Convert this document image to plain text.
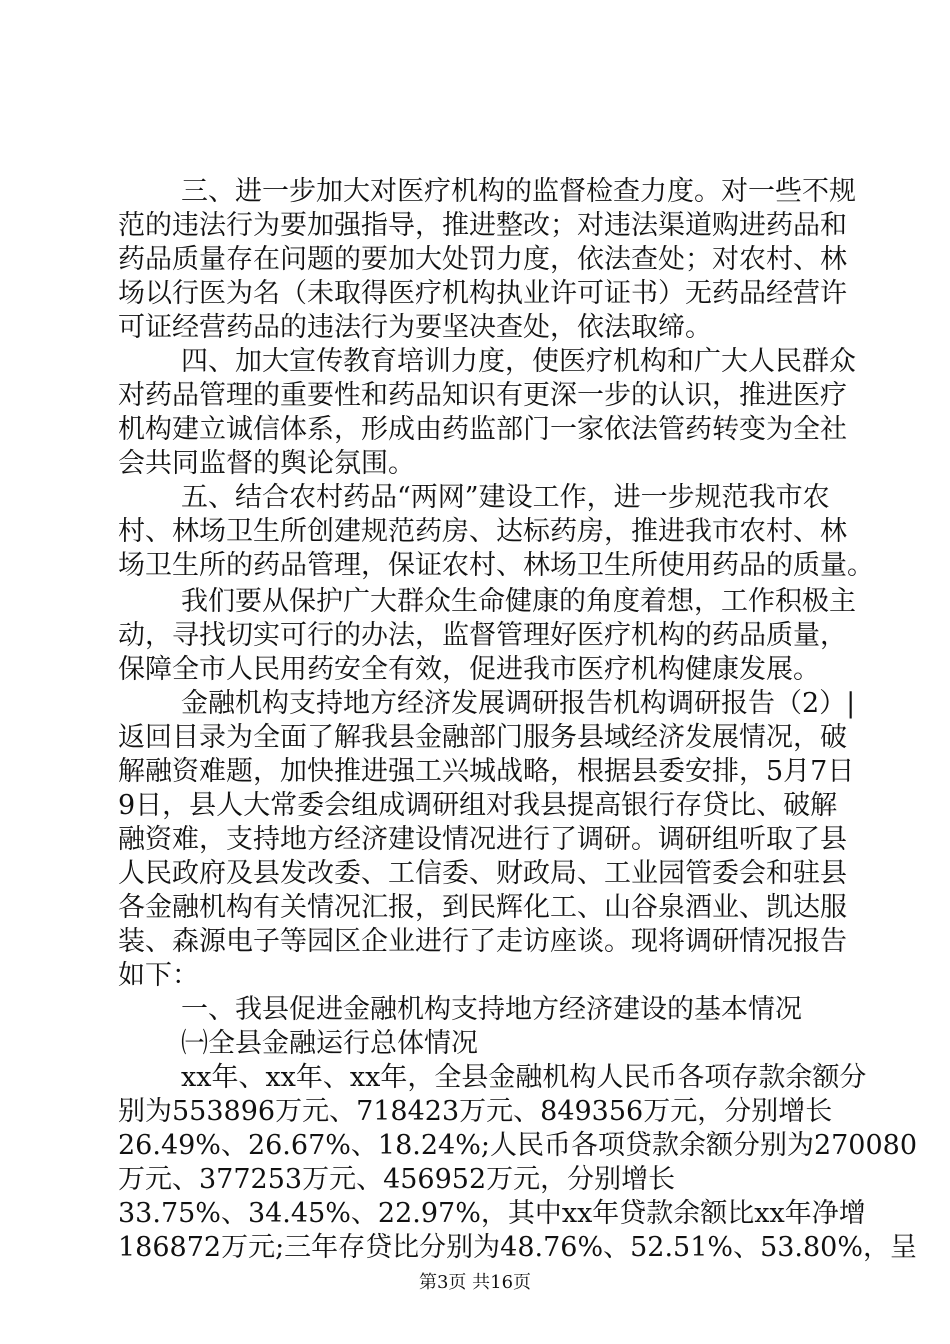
三、进一步加大对医疗机构的监督检查力度。对一些不规
范的违法行为要加强指导，推进整改；对违法渠道购进药品和
药品质量存在问题的要加大处罚力度，依法查处；对农村、林
场以行医为名（未取得医疗机构执业许可证书）无药品经营许
可证经营药品的违法行为要坚决查处，依法取缔。
四、加大宣传教育培训力度，使医疗机构和广大人民群众
对药品管理的重要性和药品知识有更深一步的认识，推进医疗
机构建立诚信体系，形成由药监部门一家依法管药转变为全社
会共同监督的舆论氛围。
五、结合农村药品“两网”建设工作，进一步规范我市农
村、林场卫生所创建规范药房、达标药房，推进我市农村、林
场卫生所的药品管理，保证农村、林场卫生所使用药品的质量。
我们要从保护广大群众生命健康的角度着想，工作积极主
动，寻找切实可行的办法，监督管理好医疗机构的药品质量，
保障全市人民用药安全有效，促进我市医疗机构健康发展。
金融机构支持地方经济发展调研报告机构调研报告（2）|
返回目录为全面了解我县金融部门服务县域经济发展情况，破
解融资难题，加快推进强工兴城战略，根据县委安排，5月7日
9日，县人大常委会组成调研组对我县提高银行存贷比、破解
融资难，支持地方经济建设情况进行了调研。调研组听取了县
人民政府及县发改委、工信委、财政局、工业园管委会和驻县
各金融机构有关情况汇报，到民辉化工、山谷泉酒业、凯达服
装、森源电子等园区企业进行了走访座谈。现将调研情况报告
如下：
一、我县促进金融机构支持地方经济建设的基本情况
㈠全县金融运行总体情况
xx年、xx年、xx年，全县金融机构人民币各项存款余额分
别为553896万元、718423万元、849356万元，分别增长
26.49%、26.67%、18.24%;人民币各项贷款余额分别为270080
万元、377253万元、456952万元，分别增长
33.75%、34.45%、22.97%，其中xx年贷款余额比xx年净增
186872万元;三年存贷比分别为48.76%、52.51%、53.80%，呈
第3页 共16页
